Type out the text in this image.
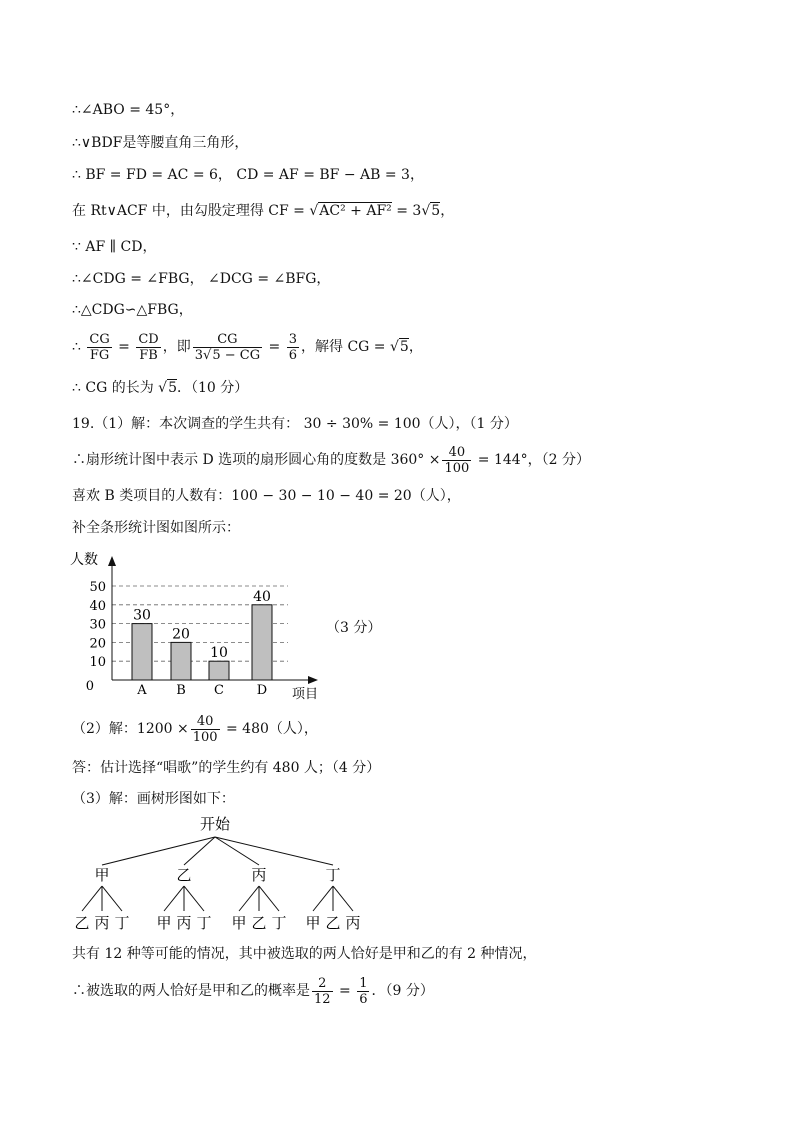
∴∠ABO = 45°，
∴∨BDF是等腰直角三角形，
∴ BF = FD = AC = 6， CD = AF = BF − AB = 3，
在 Rt∨ACF 中，由勾股定理得 CF = √AC² + AF² = 3√5，
∵ AF ∥ CD，
∴∠CDG = ∠FBG， ∠DCG = ∠BFG，
∴△CDG∽△FBG，
∴ $\frac{CG}{FG} = \frac{CD}{FB}$ ，即 $\frac{CG}{3√5 - CG} = \frac{3}{6}$ ，解得 CG = √5，
∴ CG 的长为 √5．（10 分）
19.（1）解：本次调查的学生共有： 30 ÷ 30% = 100（人），（1 分）
∴扇形统计图中表示 D 选项的扇形圆心角的度数是 $360^\circ \times \frac{40}{100} = 144^\circ$，（2 分）
喜欢 B 类项目的人数有：100 − 30 − 10 − 40 = 20（人），
补全条形统计图如图所示：
0
10
20
30
40
50
人数
项目
30
A
20
B
10
C
40
D
（3 分）
（2）解：$1200 \times \frac{40}{100} = 480$（人），
答：估计选择“唱歌”的学生约有 480 人；（4 分）
（3）解：画树形图如下：
开始
甲
乙 丙 丁
乙
甲 丙 丁
丙
甲 乙 丁
丁
甲 乙 丙
共有 12 种等可能的情况，其中被选取的两人恰好是甲和乙的有 2 种情况，
∴被选取的两人恰好是甲和乙的概率是 $\frac{2}{12} = \frac{1}{6}$ ．（9 分）
